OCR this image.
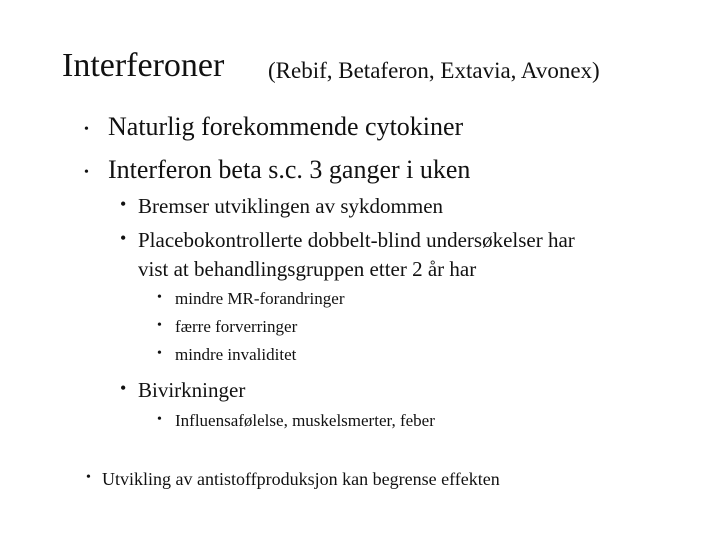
Interferoner (Rebif, Betaferon, Extavia, Avonex)
• Naturlig forekommende cytokiner
• Interferon beta s.c. 3 ganger i uken
• Bremser utviklingen av sykdommen
• Placebokontrollerte dobbelt-blind undersøkelser har
vist at behandlingsgruppen etter 2 år har
• mindre MR-forandringer
• færre forverringer
• mindre invaliditet
• Bivirkninger
• Influensafølelse, muskelsmerter, feber
• Utvikling av antistoffproduksjon kan begrense effekten
